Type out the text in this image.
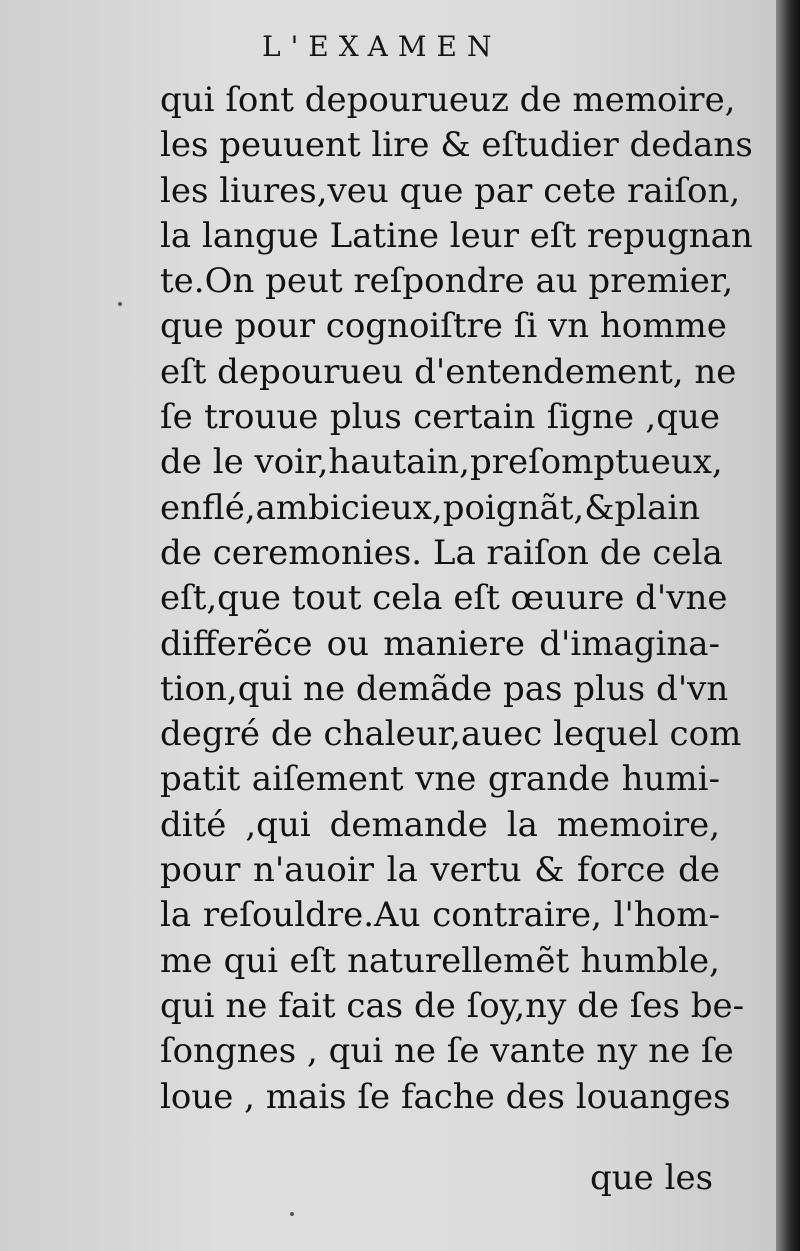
L'EXAMEN
qui ſont depourueuz de memoire,
les peuuent lire & eſtudier dedans
les liures,veu que par cete raiſon,
la langue Latine leur eſt repugnan
te.On peut reſpondre au premier,
que pour cognoiſtre ſi vn homme
eſt depourueu d'entendement, ne
ſe trouue plus certain ſigne ,que
de le voir,hautain,preſomptueux,
enflé,ambicieux,poignãt,&plain
de ceremonies. La raiſon de cela
eſt,que tout cela eſt œuure d'vne
differẽce ou maniere d'imagina-
tion,qui ne demãde pas plus d'vn
degré de chaleur,auec lequel com
patit aiſement vne grande humi-
dité ,qui demande la memoire,
pour n'auoir la vertu & force de
la reſouldre.Au contraire, l'hom-
me qui eſt naturellemẽt humble,
qui ne fait cas de ſoy,ny de ſes be-
ſongnes , qui ne ſe vante ny ne ſe
loue , mais ſe fache des louanges
que les
